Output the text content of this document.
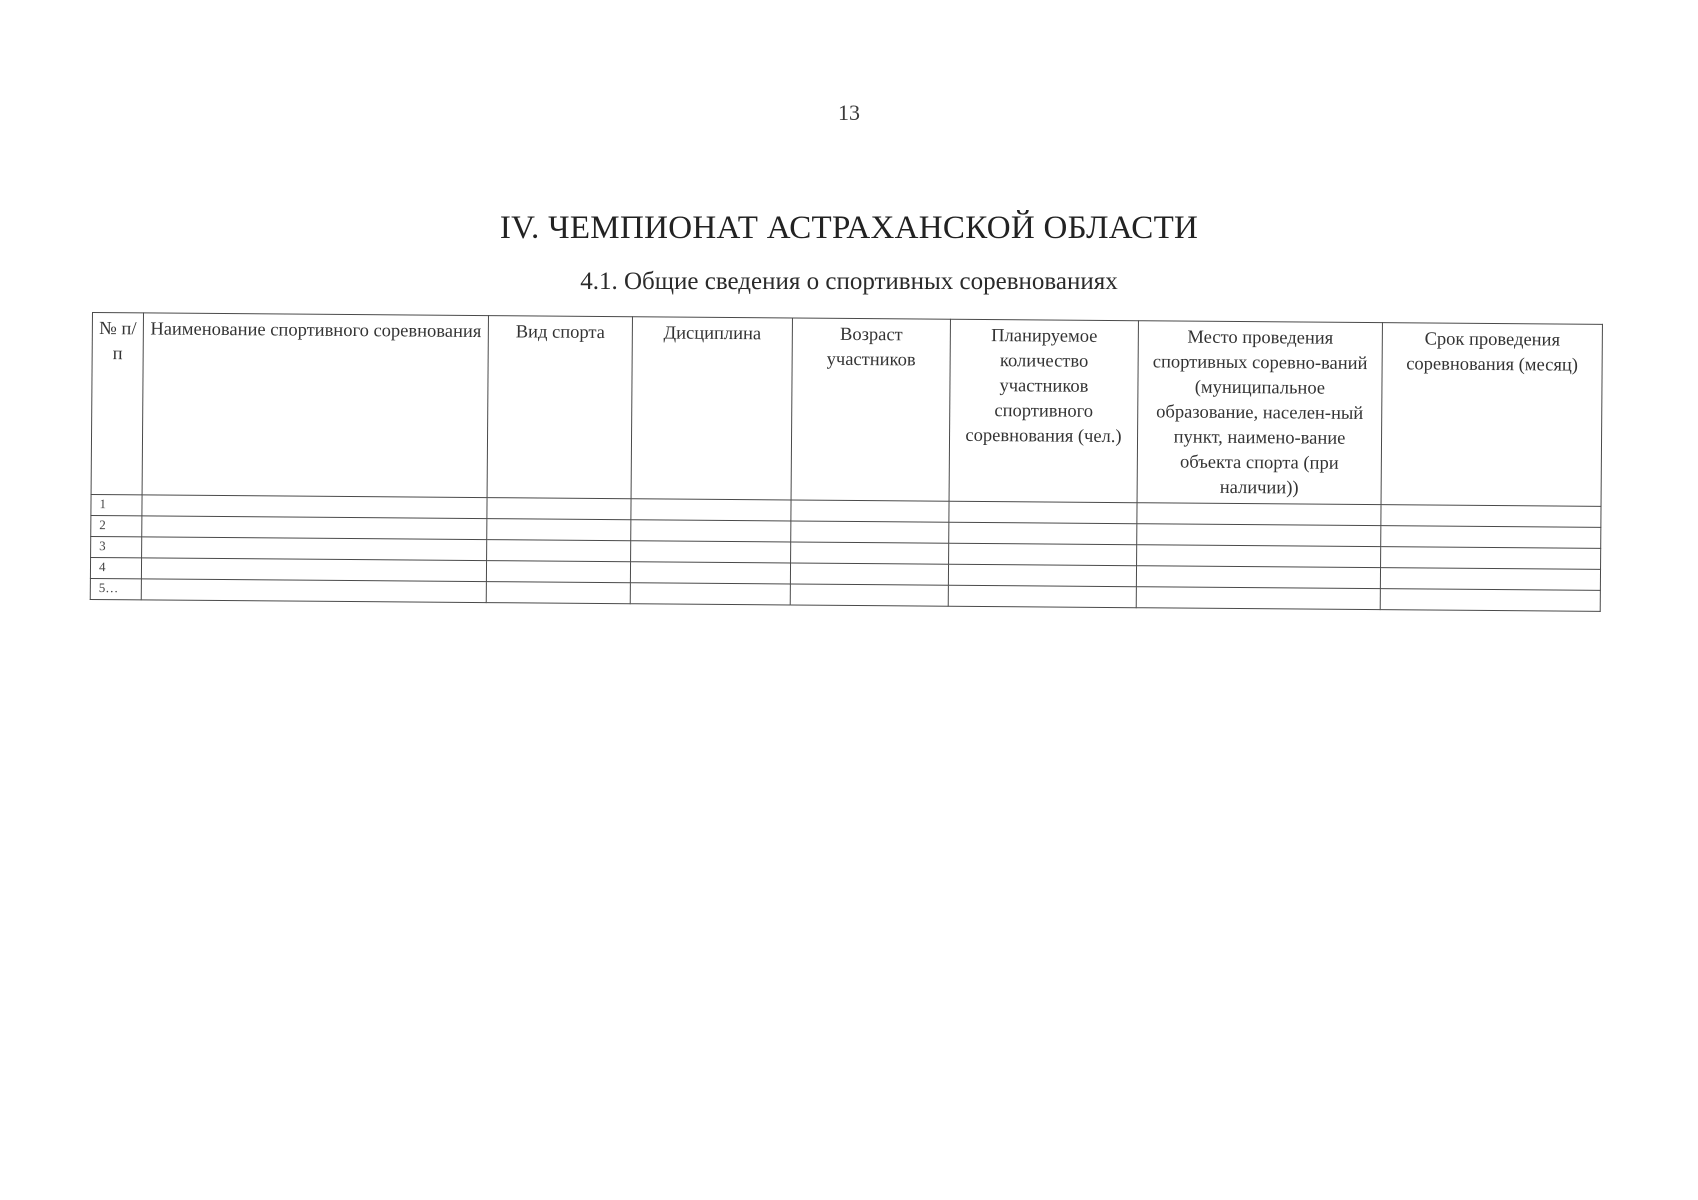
13
IV. ЧЕМПИОНАТ АСТРАХАНСКОЙ ОБЛАСТИ
4.1. Общие сведения о спортивных соревнованиях
№ п/п	Наименование спортивного соревнования	Вид спорта	Дисциплина	Возраст участников	Планируемое количество участников спортивного соревнования (чел.)	Место проведения спортивных соревно-ваний (муниципальное образование, населен-ный пункт, наимено-вание объекта спорта (при наличии))	Срок проведения соревнования (месяц)
1							
2							
3							
4							
5…							
